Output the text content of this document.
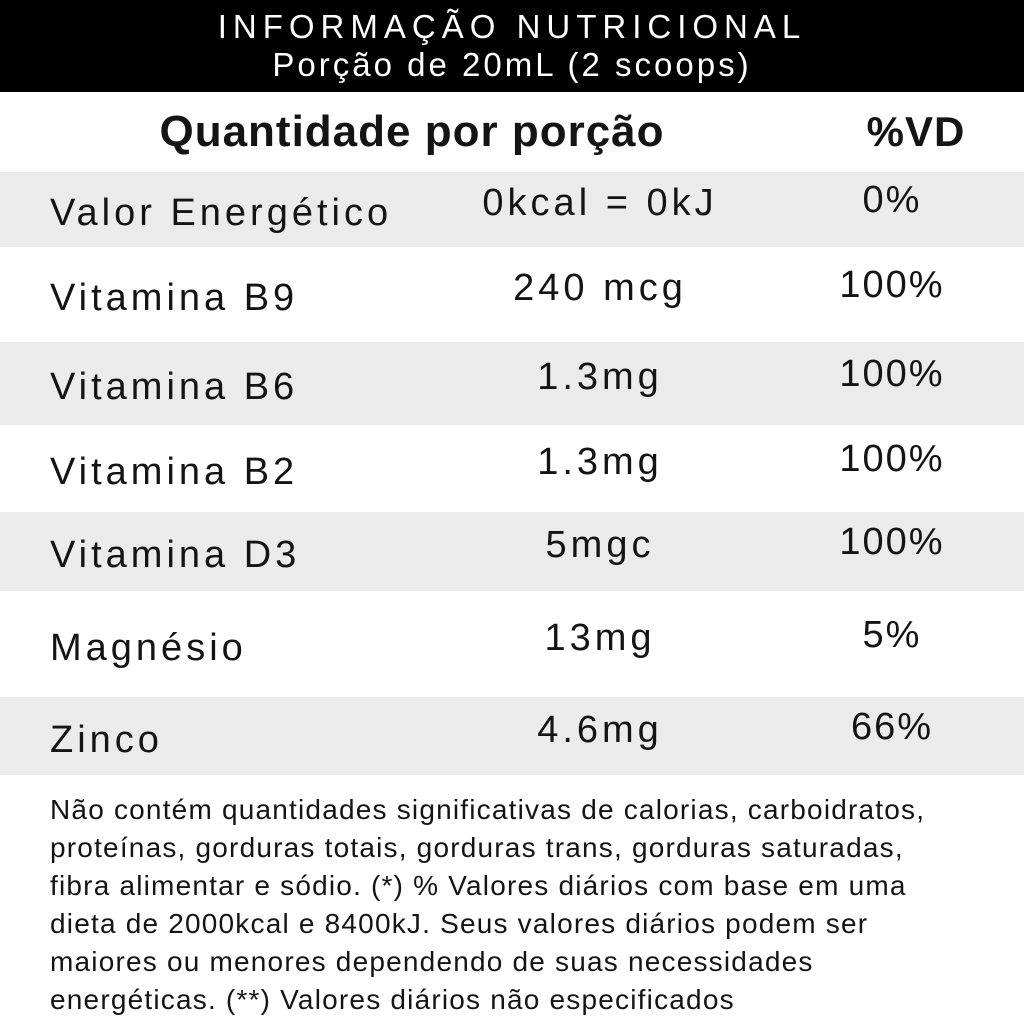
INFORMAÇÃO NUTRICIONAL
Porção de 20mL (2 scoops)
Quantidade por porção	%VD
Valor Energético	0kcal = 0kJ	0%
Vitamina B9	240 mcg	100%
Vitamina B6	1.3mg	100%
Vitamina B2	1.3mg	100%
Vitamina D3	5mgc	100%
Magnésio	13mg	5%
Zinco	4.6mg	66%
Não contém quantidades significativas de calorias, carboidratos,
proteínas, gorduras totais, gorduras trans, gorduras saturadas,
fibra alimentar e sódio. (*) % Valores diários com base em uma
dieta de 2000kcal e 8400kJ. Seus valores diários podem ser
maiores ou menores dependendo de suas necessidades
energéticas. (**) Valores diários não especificados
